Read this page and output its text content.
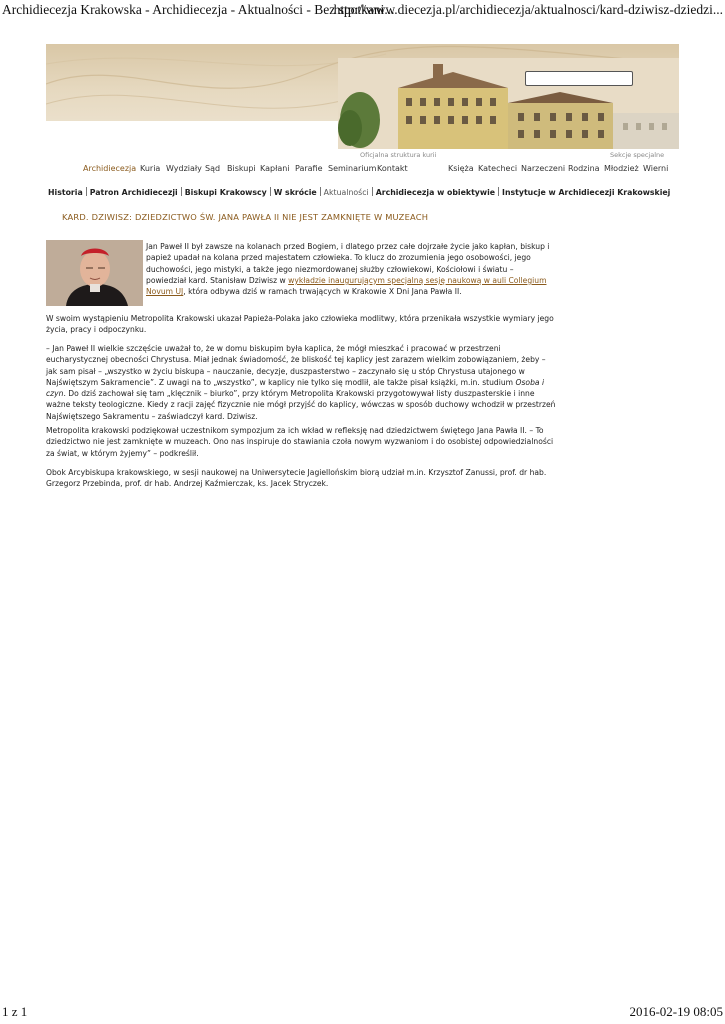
Archidiecezja Krakowska - Archidiecezja - Aktualności - Bez spotkani...
http://www.diecezja.pl/archidiecezja/aktualnosci/kard-dziwisz-dziedzi...
Oficjalna struktura kurii	Sekcje specjalne
Archidiecezja Kuria Wydziały Sąd Biskupi Kapłani Parafie Seminarium Kontakt	Księża Katecheci Narzeczeni Rodzina Młodzież Wierni
Historia Patron Archidiecezji Biskupi Krakowscy W skrócie Aktualności Archidiecezja w obiektywie Instytucje w Archidiecezji Krakowskiej
KARD. DZIWISZ: DZIEDZICTWO ŚW. JANA PAWŁA II NIE JEST ZAMKNIĘTE W MUZEACH

Jan Paweł II był zawsze na kolanach przed Bogiem, i dlatego przez całe dojrzałe życie jako kapłan, biskup i papież upadał na kolana przed majestatem człowieka. To klucz do zrozumienia jego osobowości, jego duchowości, jego mistyki, a także jego niezmordowanej służby człowiekowi, Kościołowi i światu – powiedział kard. Stanisław Dziwisz w wykładzie inaugurującym specjalną sesję naukową w auli Collegium Novum UJ, która odbywa dziś w ramach trwających w Krakowie X Dni Jana Pawła II.

W swoim wystąpieniu Metropolita Krakowski ukazał Papieża-Polaka jako człowieka modlitwy, która przenikała wszystkie wymiary jego życia, pracy i odpoczynku.

– Jan Paweł II wielkie szczęście uważał to, że w domu biskupim była kaplica, że mógł mieszkać i pracować w przestrzeni eucharystycznej obecności Chrystusa. Miał jednak świadomość, że bliskość tej kaplicy jest zarazem wielkim zobowiązaniem, żeby – jak sam pisał – „wszystko w życiu biskupa – nauczanie, decyzje, duszpasterstwo – zaczynało się u stóp Chrystusa utajonego w Najświętszym Sakramencie”. Z uwagi na to „wszystko”, w kaplicy nie tylko się modlił, ale także pisał książki, m.in. studium Osoba i czyn. Do dziś zachował się tam „klęcznik – biurko”, przy którym Metropolita Krakowski przygotowywał listy duszpasterskie i inne ważne teksty teologiczne. Kiedy z racji zajęć fizycznie nie mógł przyjść do kaplicy, wówczas w sposób duchowy wchodził w przestrzeń Najświętszego Sakramentu – zaświadczył kard. Dziwisz.

Metropolita krakowski podziękował uczestnikom sympozjum za ich wkład w refleksję nad dziedzictwem świętego Jana Pawła II. – To dziedzictwo nie jest zamknięte w muzeach. Ono nas inspiruje do stawiania czoła nowym wyzwaniom i do osobistej odpowiedzialności za świat, w którym żyjemy” – podkreślił.

Obok Arcybiskupa krakowskiego, w sesji naukowej na Uniwersytecie Jagiellońskim biorą udział m.in. Krzysztof Zanussi, prof. dr hab. Grzegorz Przebinda, prof. dr hab. Andrzej Kaźmierczak, ks. Jacek Stryczek.

1 z 1	2016-02-19 08:05
